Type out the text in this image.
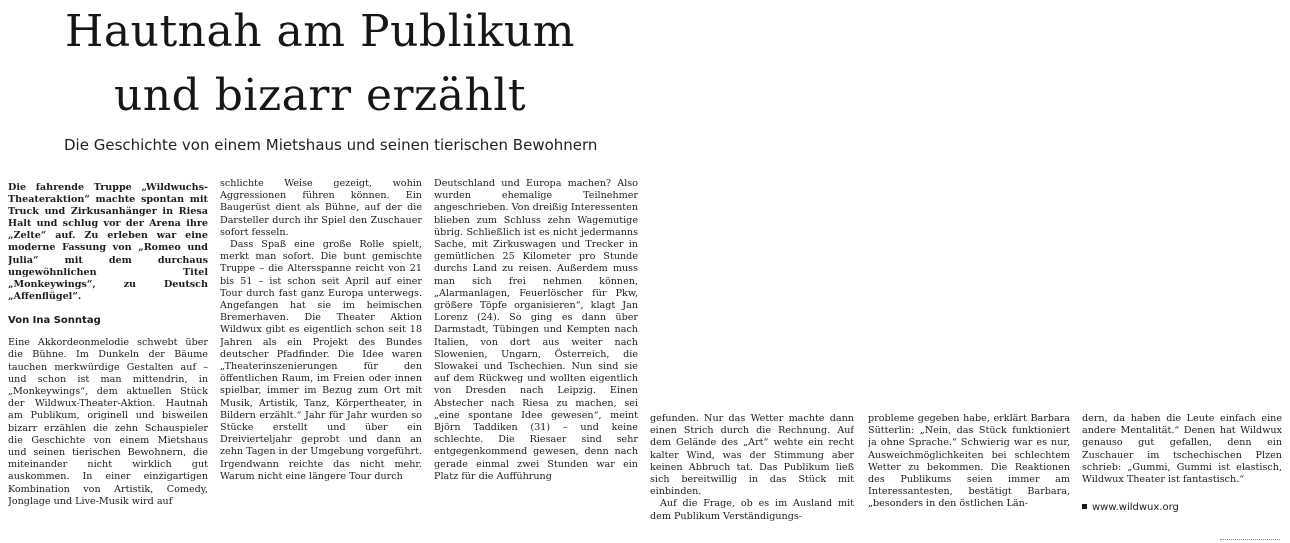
Hautnah am Publikum
und bizarr erzählt
Die Geschichte von einem Mietshaus und seinen tierischen Bewohnern

Die fahrende Truppe „Wildwuchs-Theateraktion“ machte spontan mit Truck und Zirkusanhänger in Riesa Halt und schlug vor der Arena ihre „Zelte“ auf. Zu erleben war eine moderne Fassung von „Romeo und Julia“ mit dem durchaus ungewöhnlichen Titel „Monkeywings“, zu Deutsch „Affenflügel“.

Von Ina Sonntag

Eine Akkordeonmelodie schwebt über die Bühne. Im Dunkeln der Bäume tauchen merkwürdige Gestalten auf – und schon ist man mittendrin, in „Monkeywings“, dem aktuellen Stück der Wildwux-Theater-Aktion. Hautnah am Publikum, originell und bisweilen bizarr erzählen die zehn Schauspieler die Geschichte von einem Mietshaus und seinen tierischen Bewohnern, die miteinander nicht wirklich gut auskommen. In einer einzigartigen Kombination von Artistik, Comedy, Jonglage und Live-Musik wird auf

schlichte Weise gezeigt, wohin Aggressionen führen können. Ein Baugerüst dient als Bühne, auf der die Darsteller durch ihr Spiel den Zuschauer sofort fesseln.

Dass Spaß eine große Rolle spielt, merkt man sofort. Die bunt gemischte Truppe – die Altersspanne reicht von 21 bis 51 – ist schon seit April auf einer Tour durch fast ganz Europa unterwegs. Angefangen hat sie im heimischen Bremerhaven. Die Theater Aktion Wildwux gibt es eigentlich schon seit 18 Jahren als ein Projekt des Bundes deutscher Pfadfinder. Die Idee waren „Theaterinszenierungen für den öffentlichen Raum, im Freien oder innen spielbar, immer im Bezug zum Ort mit Musik, Artistik, Tanz, Körpertheater, in Bildern erzählt.“ Jahr für Jahr wurden so Stücke erstellt und über ein Dreivierteljahr geprobt und dann an zehn Tagen in der Umgebung vorgeführt. Irgendwann reichte das nicht mehr. Warum nicht eine längere Tour durch

Deutschland und Europa machen? Also wurden ehemalige Teilnehmer angeschrieben. Von dreißig Interessenten blieben zum Schluss zehn Wagemutige übrig. Schließlich ist es nicht jedermanns Sache, mit Zirkuswagen und Trecker in gemütlichen 25 Kilometer pro Stunde durchs Land zu reisen. Außerdem muss man sich frei nehmen können, „Alarmanlagen, Feuerlöscher für Pkw, größere Töpfe organisieren“, klagt Jan Lorenz (24). So ging es dann über Darmstadt, Tübingen und Kempten nach Italien, von dort aus weiter nach Slowenien, Ungarn, Österreich, die Slowakei und Tschechien. Nun sind sie auf dem Rückweg und wollten eigentlich von Dresden nach Leipzig. Einen Abstecher nach Riesa zu machen, sei „eine spontane Idee gewesen“, meint Björn Taddiken (31) – und keine schlechte. Die Riesaer sind sehr entgegenkommend gewesen, denn nach gerade einmal zwei Stunden war ein Platz für die Aufführung

gefunden. Nur das Wetter machte dann einen Strich durch die Rechnung. Auf dem Gelände des „Art“ wehte ein recht kalter Wind, was der Stimmung aber keinen Abbruch tat. Das Publikum ließ sich bereitwillig in das Stück mit einbinden.

Auf die Frage, ob es im Ausland mit dem Publikum Verständigungs-

probleme gegeben habe, erklärt Barbara Sütterlin: „Nein, das Stück funktioniert ja ohne Sprache.“ Schwierig war es nur, Ausweichmöglichkeiten bei schlechtem Wetter zu bekommen. Die Reaktionen des Publikums seien immer am Interessantesten, bestätigt Barbara, „besonders in den östlichen Län-

dern, da haben die Leute einfach eine andere Mentalität.“ Denen hat Wildwux genauso gut gefallen, denn ein Zuschauer im tschechischen Plzen schrieb: „Gummi, Gummi ist elastisch, Wildwux Theater ist fantastisch.“

www.wildwux.org
